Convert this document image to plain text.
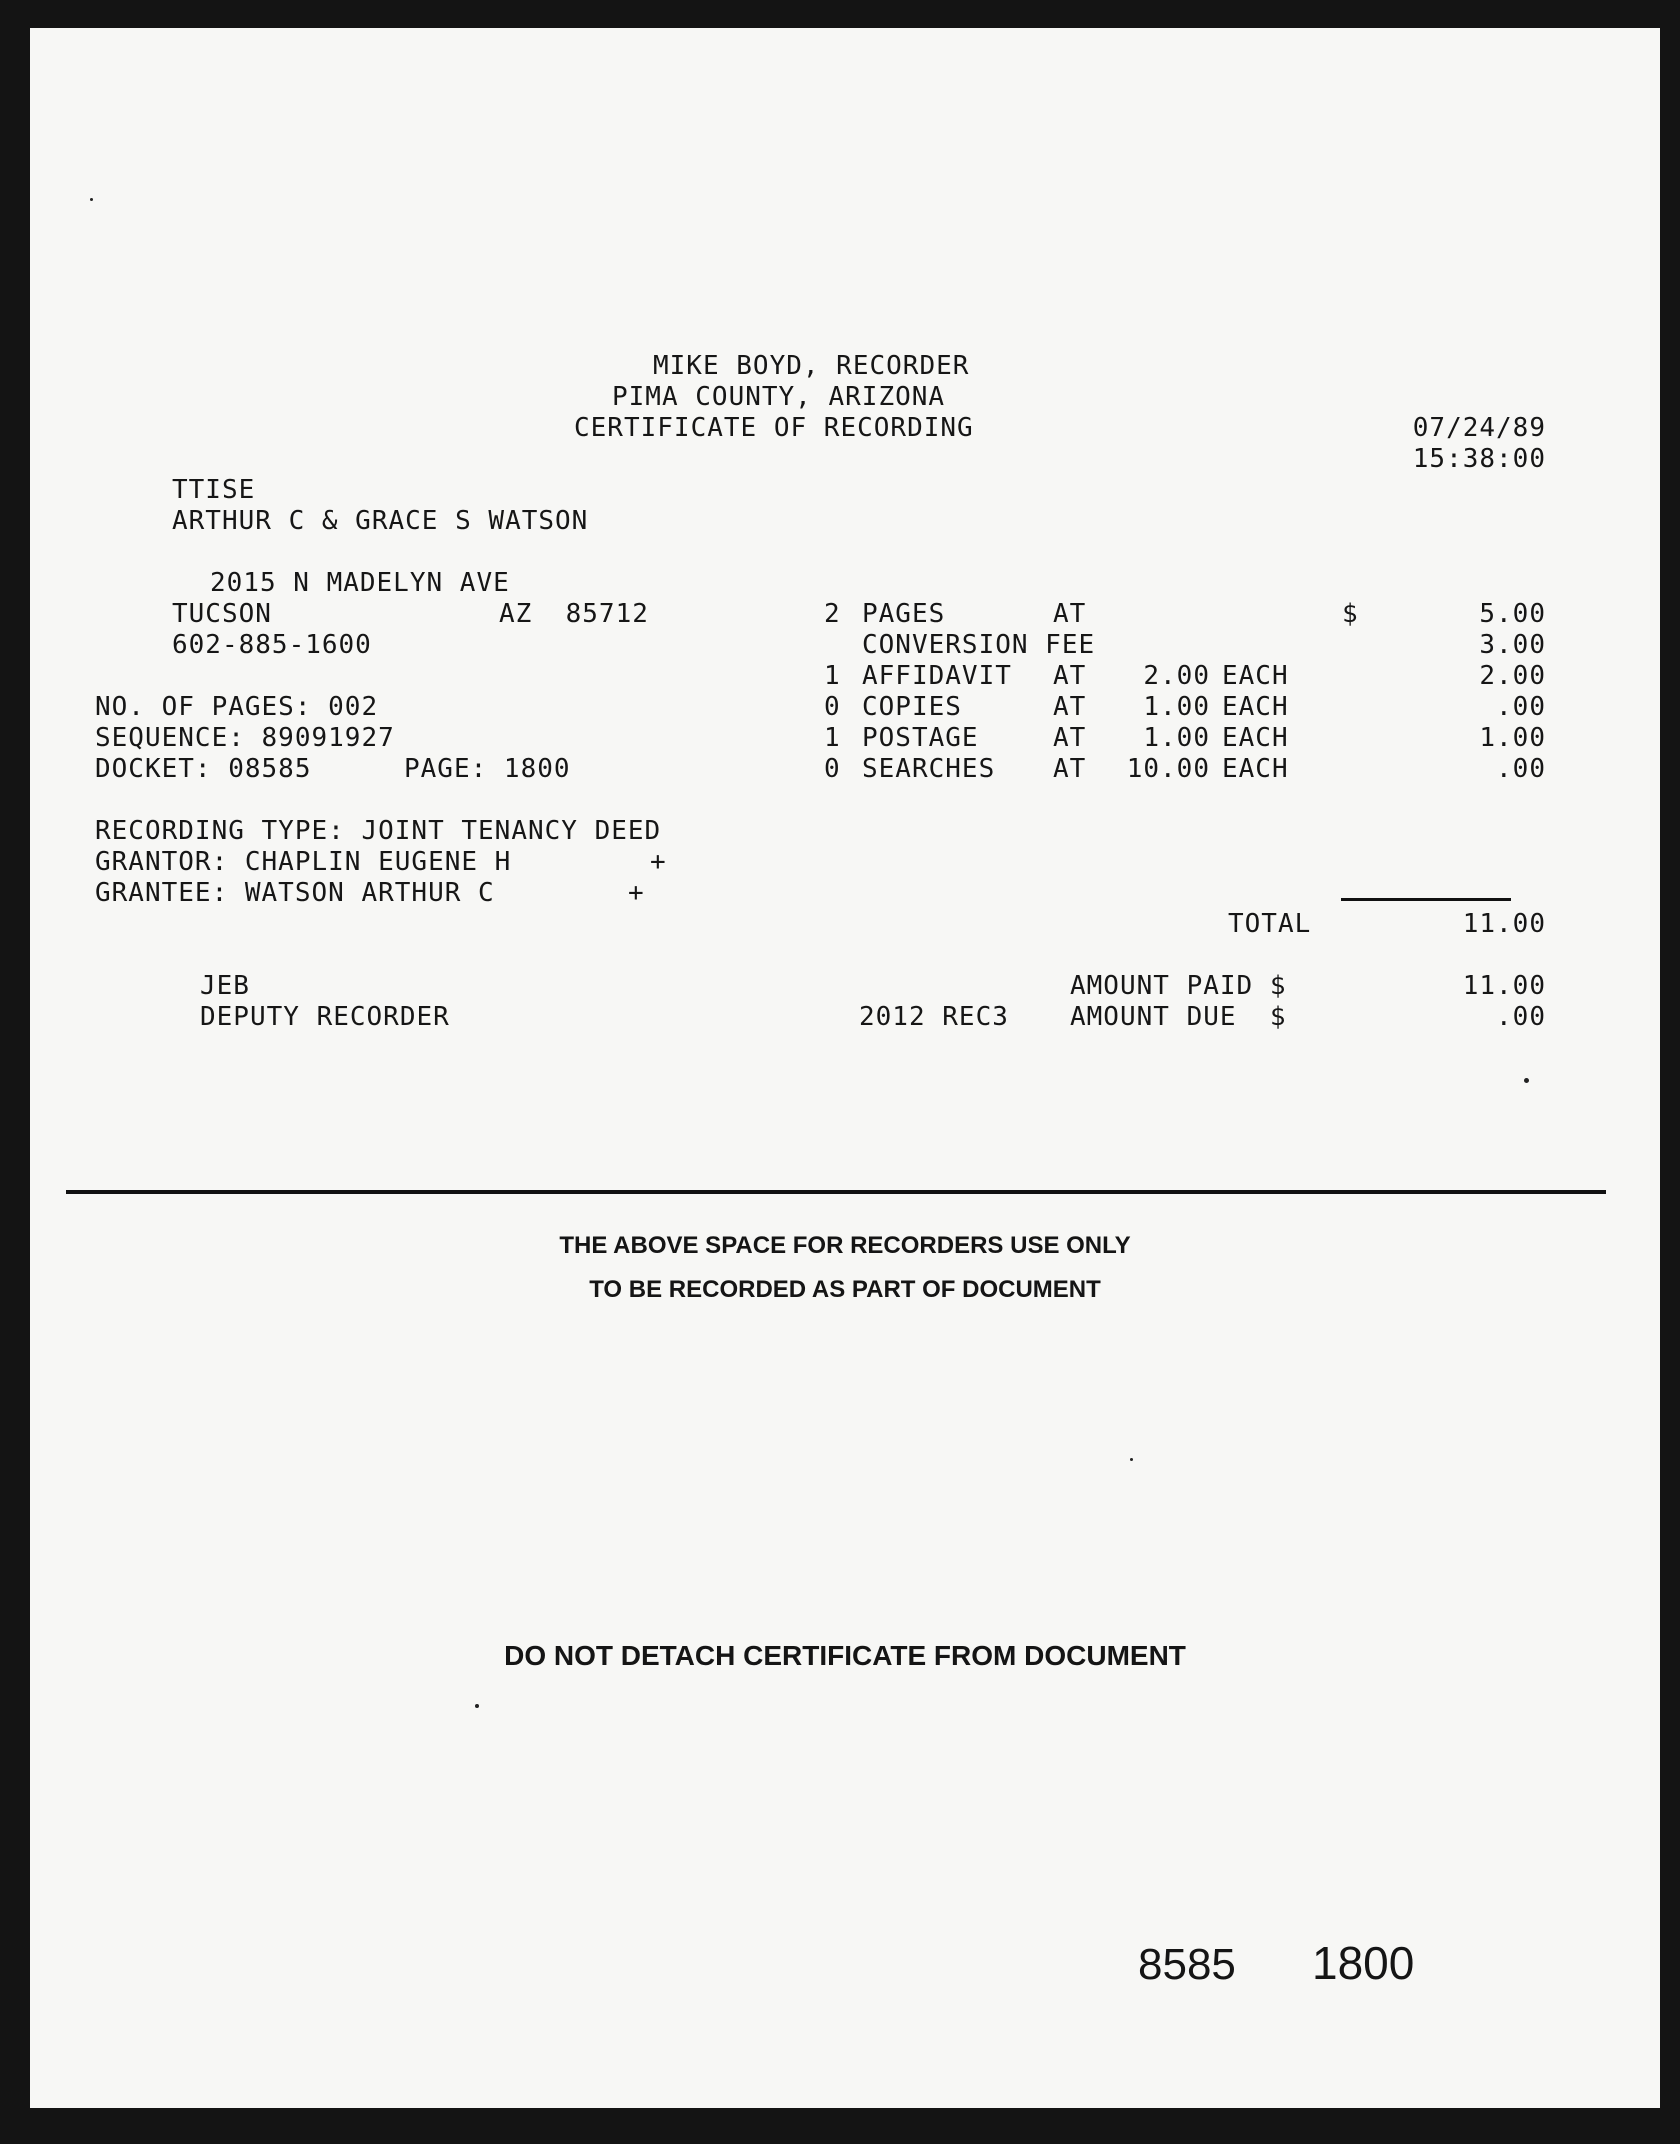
MIKE BOYD, RECORDER
PIMA COUNTY, ARIZONA
CERTIFICATE OF RECORDING	07/24/89
15:38:00
TTISE
ARTHUR C & GRACE S WATSON
2015 N MADELYN AVE
TUCSON	AZ  85712
602-885-1600
NO. OF PAGES: 002
SEQUENCE: 89091927
DOCKET: 08585	PAGE: 1800
2 PAGES	AT	$	5.00
CONVERSION FEE	3.00
1 AFFIDAVIT AT	2.00 EACH	2.00
0 COPIES	AT	1.00 EACH	.00
1 POSTAGE	AT	1.00 EACH	1.00
0 SEARCHES AT	10.00 EACH	.00
RECORDING TYPE: JOINT TENANCY DEED
GRANTOR: CHAPLIN EUGENE H	+
GRANTEE: WATSON ARTHUR C	+
TOTAL	11.00
JEB
DEPUTY RECORDER
AMOUNT PAID $	11.00
2012 REC3 AMOUNT DUE  $	.00
THE ABOVE SPACE FOR RECORDERS USE ONLY
TO BE RECORDED AS PART OF DOCUMENT
DO NOT DETACH CERTIFICATE FROM DOCUMENT
8585 1800
